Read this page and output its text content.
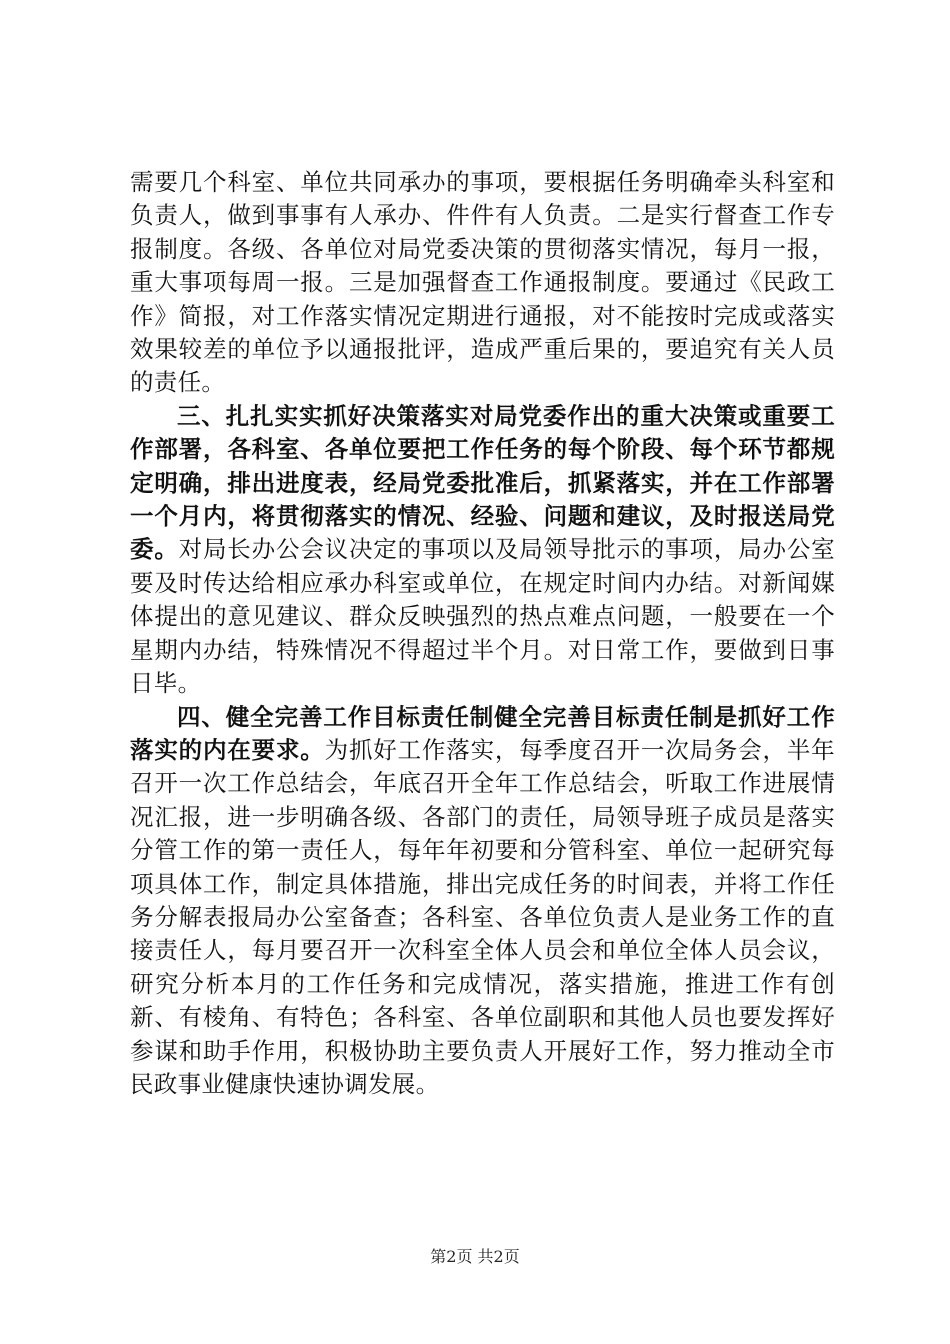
需要几个科室、单位共同承办的事项，要根据任务明确牵头科室和负责人，做到事事有人承办、件件有人负责。二是实行督查工作专报制度。各级、各单位对局党委决策的贯彻落实情况，每月一报，重大事项每周一报。三是加强督查工作通报制度。要通过《民政工作》简报，对工作落实情况定期进行通报，对不能按时完成或落实效果较差的单位予以通报批评，造成严重后果的，要追究有关人员的责任。

三、扎扎实实抓好决策落实对局党委作出的重大决策或重要工作部署，各科室、各单位要把工作任务的每个阶段、每个环节都规定明确，排出进度表，经局党委批准后，抓紧落实，并在工作部署一个月内，将贯彻落实的情况、经验、问题和建议，及时报送局党委。对局长办公会议决定的事项以及局领导批示的事项，局办公室要及时传达给相应承办科室或单位，在规定时间内办结。对新闻媒体提出的意见建议、群众反映强烈的热点难点问题，一般要在一个星期内办结，特殊情况不得超过半个月。对日常工作，要做到日事日毕。

四、健全完善工作目标责任制健全完善目标责任制是抓好工作落实的内在要求。为抓好工作落实，每季度召开一次局务会，半年召开一次工作总结会，年底召开全年工作总结会，听取工作进展情况汇报，进一步明确各级、各部门的责任，局领导班子成员是落实分管工作的第一责任人，每年年初要和分管科室、单位一起研究每项具体工作，制定具体措施，排出完成任务的时间表，并将工作任务分解表报局办公室备查；各科室、各单位负责人是业务工作的直接责任人，每月要召开一次科室全体人员会和单位全体人员会议，研究分析本月的工作任务和完成情况，落实措施，推进工作有创新、有棱角、有特色；各科室、各单位副职和其他人员也要发挥好参谋和助手作用，积极协助主要负责人开展好工作，努力推动全市民政事业健康快速协调发展。

第2页 共2页
